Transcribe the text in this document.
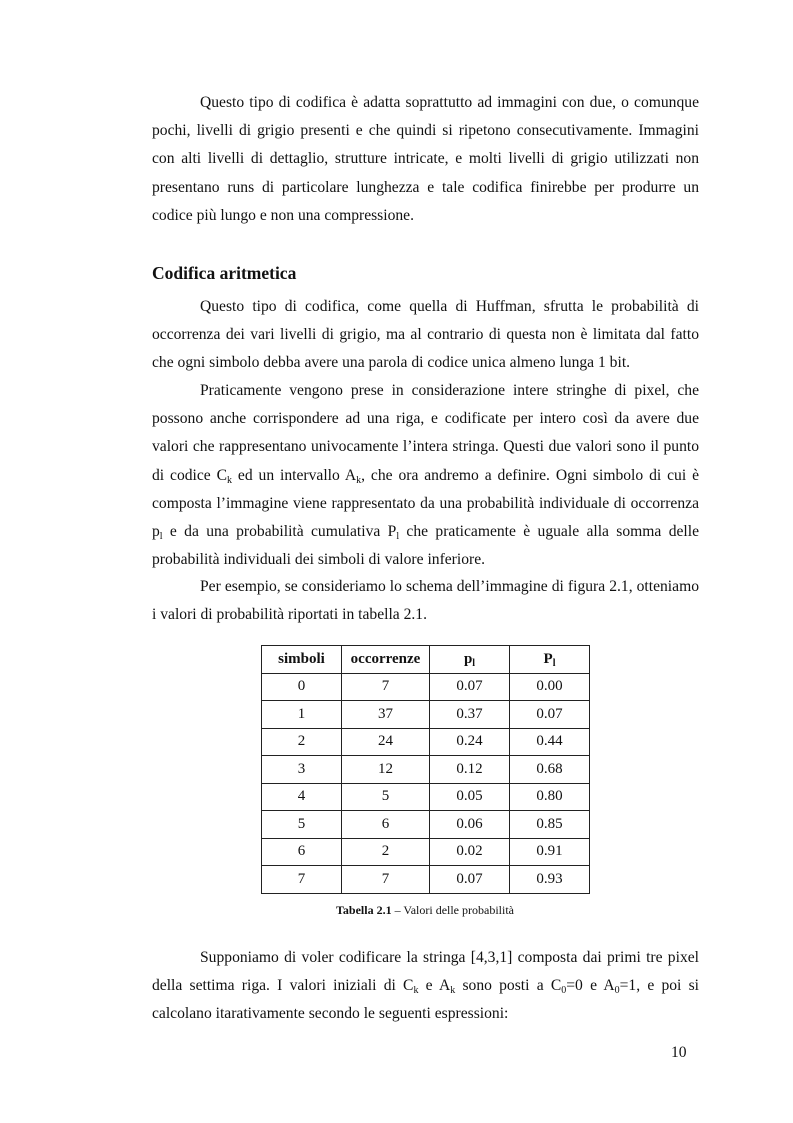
Questo tipo di codifica è adatta soprattutto ad immagini con due, o comunque pochi, livelli di grigio presenti e che quindi si ripetono consecutivamente. Immagini con alti livelli di dettaglio, strutture intricate, e molti livelli di grigio utilizzati non presentano runs di particolare lunghezza e tale codifica finirebbe per produrre un codice più lungo e non una compressione.

Codifica aritmetica

Questo tipo di codifica, come quella di Huffman, sfrutta le probabilità di occorrenza dei vari livelli di grigio, ma al contrario di questa non è limitata dal fatto che ogni simbolo debba avere una parola di codice unica almeno lunga 1 bit.

Praticamente vengono prese in considerazione intere stringhe di pixel, che possono anche corrispondere ad una riga, e codificate per intero così da avere due valori che rappresentano univocamente l’intera stringa. Questi due valori sono il punto di codice $C_k$ ed un intervallo $A_k$, che ora andremo a definire. Ogni simbolo di cui è composta l’immagine viene rappresentato da una probabilità individuale di occorrenza $p_l$ e da una probabilità cumulativa $P_l$ che praticamente è uguale alla somma delle probabilità individuali dei simboli di valore inferiore.

Per esempio, se consideriamo lo schema dell’immagine di figura 2.1, otteniamo i valori di probabilità riportati in tabella 2.1.

simboli	occorrenze	$p_l$	$P_l$
0	7	0.07	0.00
1	37	0.37	0.07
2	24	0.24	0.44
3	12	0.12	0.68
4	5	0.05	0.80
5	6	0.06	0.85
6	2	0.02	0.91
7	7	0.07	0.93

Tabella 2.1 – Valori delle probabilità

Supponiamo di voler codificare la stringa [4,3,1] composta dai primi tre pixel della settima riga. I valori iniziali di $C_k$ e $A_k$ sono posti a $C_0=0$ e $A_0=1$, e poi si calcolano itarativamente secondo le seguenti espressioni:

10
